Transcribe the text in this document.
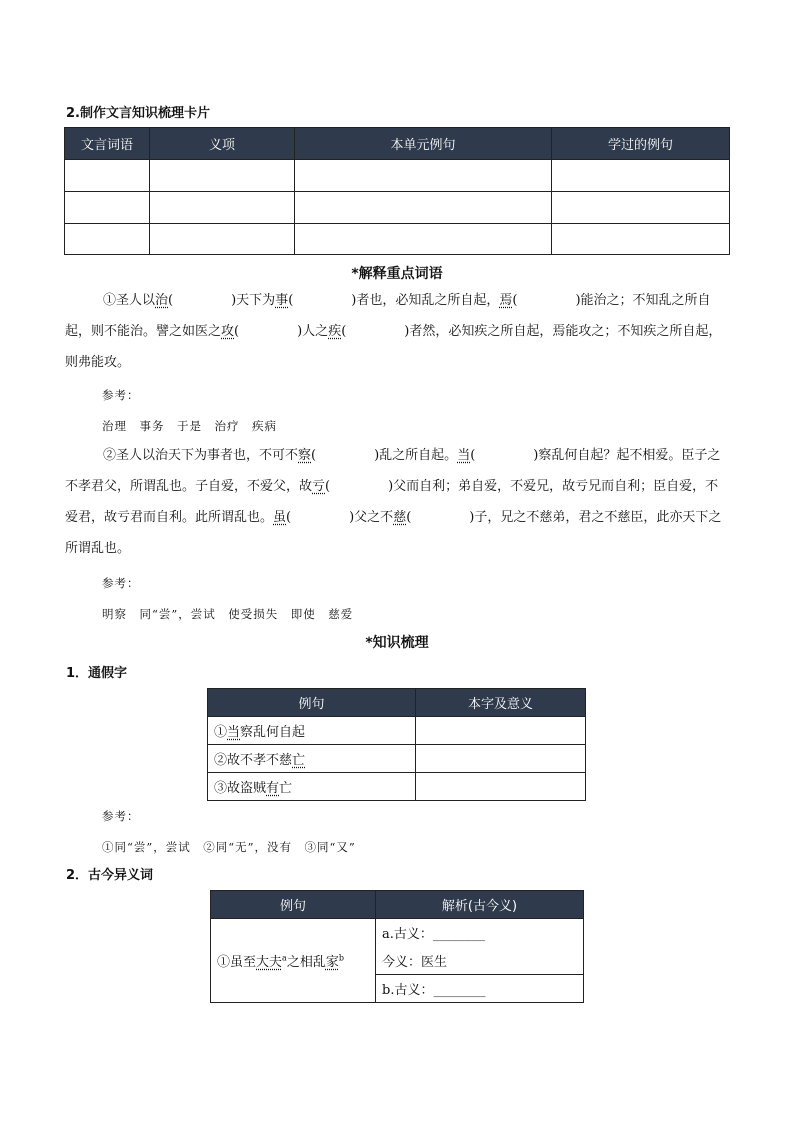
2.制作文言知识梳理卡片
文言词语	义项	本单元例句	学过的例句

*解释重点词语
①圣人以治(	)天下为事(	)者也，必知乱之所自起，焉(	)能治之；不知乱之所自起，则不能治。譬之如医之攻(	)人之疾(	)者然，必知疾之所自起，焉能攻之；不知疾之所自起，则弗能攻。
参考：
治理　事务　于是　治疗　疾病
②圣人以治天下为事者也，不可不察(	)乱之所自起。当(	)察乱何自起？起不相爱。臣子之不孝君父，所谓乱也。子自爱，不爱父，故亏(	)父而自利；弟自爱，不爱兄，故亏兄而自利；臣自爱，不爱君，故亏君而自利。此所谓乱也。虽(	)父之不慈(	)子，兄之不慈弟，君之不慈臣，此亦天下之所谓乱也。
参考：
明察　同“尝”，尝试　使受损失　即使　慈爱
*知识梳理
1．通假字
例句	本字及意义
①当察乱何自起	
②故不孝不慈亡	
③故盗贼有亡	
参考：
①同“尝”，尝试　②同“无”，没有　③同“又”
2．古今异义词
例句	解析(古今义)
①虽至大夫$^a$之相乱家$^b$	a.古义：________
	今义：医生
	b.古义：________
